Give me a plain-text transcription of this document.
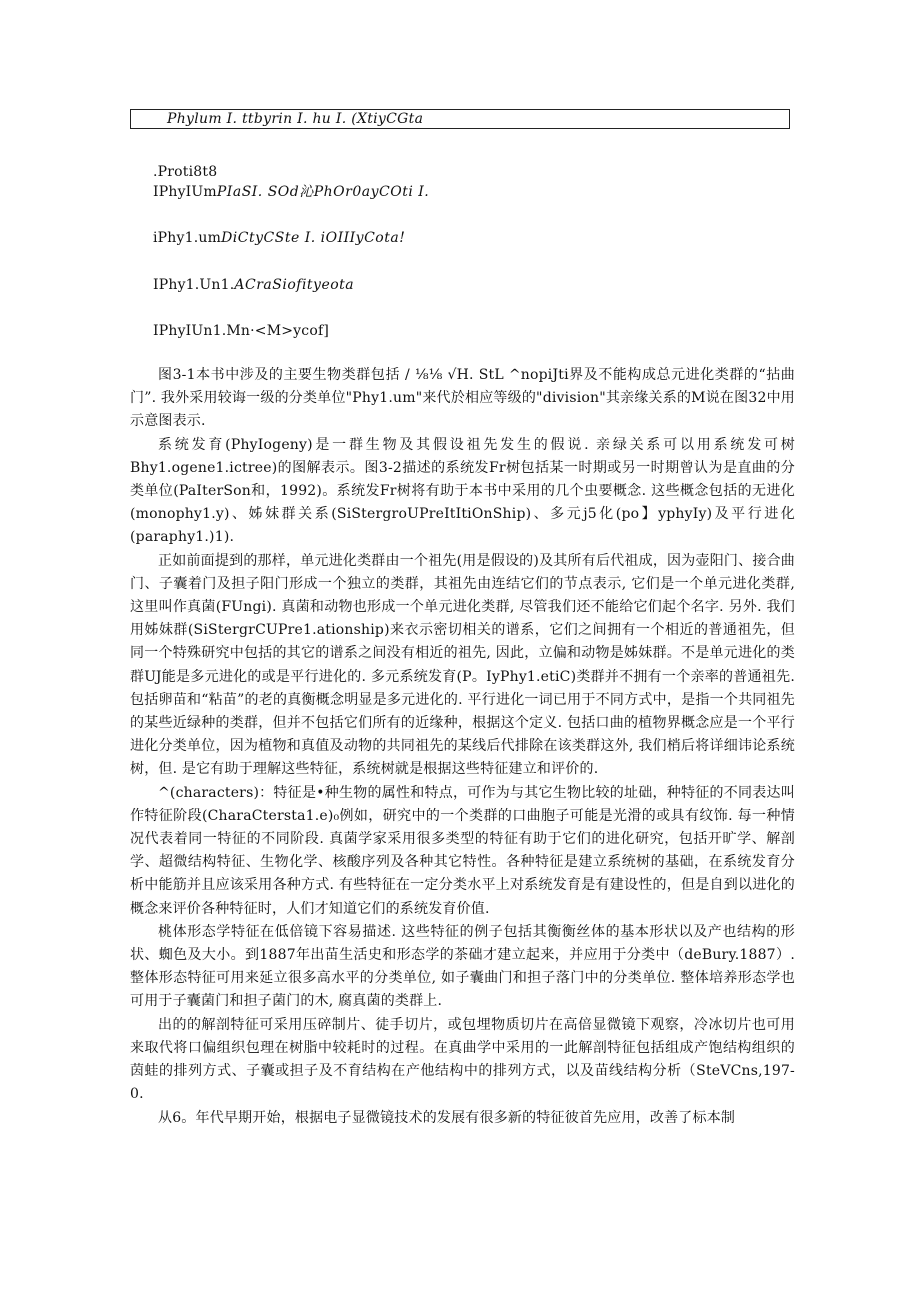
Phylum I. ttbyrin I. hu I. (XtiyCGta
.Proti8t8
IPhyIUmPIaSI. SOd沁PhOr0ayCOti I.
iPhy1.umDiCtyCSte I. iOIIIyCota!
IPhy1.Un1.ACraSiofityeota
IPhyIUn1.Mn·<M>ycof]

图3-1本书中涉及的主要生物类群包括 / ⅛⅛ √H. StL ^nopiJti界及不能构成总元进化类群的“拈曲门”. 我外采用较诲一级的分类单位"Phy1.um"来代於相应等级的"division"其亲缘关系的M说在图32中用示意图表示.

系统发育(PhyIogeny)是一群生物及其假设祖先发生的假说. 亲绿关系可以用系统发可树Bhy1.ogene1.ictree)的图解表示。图3-2描述的系统发Fr树包括某一时期或另一时期曾认为是直曲的分类单位(PaIterSon和，1992)。系统发Fr树将有助于本书中采用的几个虫要概念. 这些概念包括的无进化(monophy1.y)、姊妹群关系(SiStergroUPreItItiOnShip)、多元j5化(po】yphyIy)及平行进化(paraphy1.)1).

正如前面提到的那样，单元进化类群由一个祖先(用是假设的)及其所有后代祖成，因为壶阳门、接合曲门、子囊着门及担子阳门形成一个独立的类群，其祖先由连结它们的节点表示, 它们是一个单元进化类群, 这里叫作真菌(FUngi). 真菌和动物也形成一个单元进化类群, 尽管我们还不能给它们起个名字. 另外. 我们用姊妹群(SiStergrCUPre1.ationship)来衣示密切相关的谱系，它们之间拥有一个相近的普通祖先，但同一个特殊研究中包括的其它的谱系之间没有相近的祖先, 因此，立偏和动物是姊妹群。不是单元进化的类群UJ能是多元进化的或是平行进化的. 多元系统发育(P。IyPhy1.etiC)类群并不拥有一个亲率的普通祖先. 包括卵苗和“粘苗”的老的真衡概念明显是多元进化的. 平行进化一词已用于不同方式中，是指一个共同祖先的某些近绿种的类群，但并不包括它们所有的近缘种，根据这个定义. 包括口曲的植物界概念应是一个平行进化分类单位，因为植物和真值及动物的共同祖先的某线后代排除在该类群这外, 我们梢后将详细讳论系统树，但. 是它有助于理解这些特征，系统树就是根据这些特征建立和评价的.

^(characters)：特征是•种生物的属性和特点，可作为与其它生物比较的址础，种特征的不同表达叫作特征阶段(CharaCtersta1.e)₀例如，研究中的一个类群的口曲胞子可能是光滑的或具有纹饰. 每一种情况代表着同一特征的不同阶段. 真菌学家采用很多类型的特征有助于它们的进化研究，包括开旷学、解剖学、超微结构特征、生物化学、核酸序列及各种其它特性。各种特征是建立系统树的基础，在系统发育分析中能筋并且应该采用各种方式. 有些特征在一定分类水平上对系统发育是有建设性的，但是自到以进化的概念来评价各种特征时，人们才知道它们的系统发育价值.

桃体形态学特征在低倍镜下容易描述. 这些特征的例子包括其衡衡丝体的基本形状以及产也结构的形状、蜘色及大小。到1887年出苗生活史和形态学的茶础才建立起来，并应用于分类中（deBury.1887）.整体形态特征可用来延立很多高水平的分类单位, 如子囊曲门和担子落门中的分类单位. 整体培养形态学也可用于子囊菌门和担子菌门的木, 腐真菌的类群上.

出的的解剖特征可采用压碎制片、徒手切片，或包埋物质切片在高倍显微镜下观察，冷冰切片也可用来取代将口偏组织包理在树脂中较耗时的过程。在真曲学中采用的一此解剖特征包括组成产饱结构组织的茵蛙的排列方式、子囊或担子及不育结构在产他结构中的排列方式，以及苗线结构分析（SteVCns,197-0.

从6。年代早期开始，根据电子显微镜技术的发展有很多新的特征彼首先应用，改善了标本制
